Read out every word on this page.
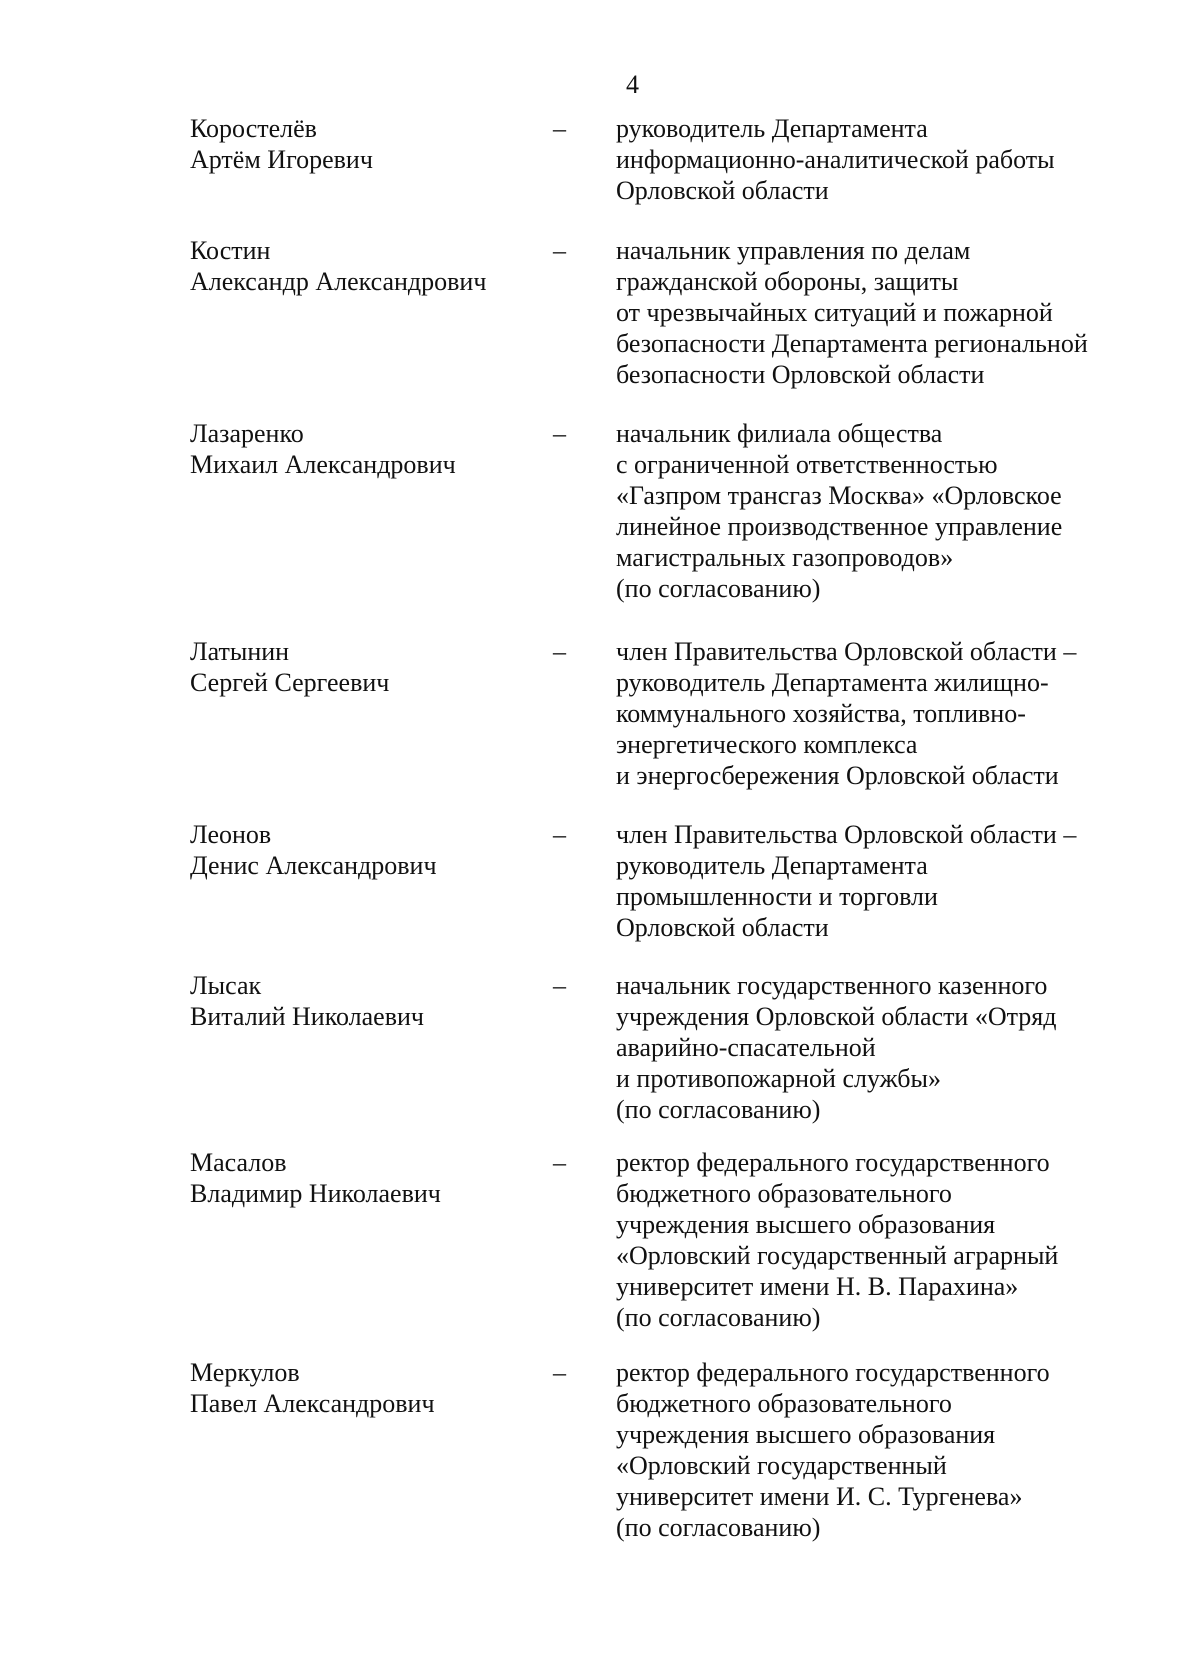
4
Коростелёв
Артём Игоревич
– руководитель Департамента
информационно-аналитической работы
Орловской области
Костин
Александр Александрович
– начальник управления по делам
гражданской обороны, защиты
от чрезвычайных ситуаций и пожарной
безопасности Департамента региональной
безопасности Орловской области
Лазаренко
Михаил Александрович
– начальник филиала общества
с ограниченной ответственностью
«Газпром трансгаз Москва» «Орловское
линейное производственное управление
магистральных газопроводов»
(по согласованию)
Латынин
Сергей Сергеевич
– член Правительства Орловской области –
руководитель Департамента жилищно-
коммунального хозяйства, топливно-
энергетического комплекса
и энергосбережения Орловской области
Леонов
Денис Александрович
– член Правительства Орловской области –
руководитель Департамента
промышленности и торговли
Орловской области
Лысак
Виталий Николаевич
– начальник государственного казенного
учреждения Орловской области «Отряд
аварийно-спасательной
и противопожарной службы»
(по согласованию)
Масалов
Владимир Николаевич
– ректор федерального государственного
бюджетного образовательного
учреждения высшего образования
«Орловский государственный аграрный
университет имени Н. В. Парахина»
(по согласованию)
Меркулов
Павел Александрович
– ректор федерального государственного
бюджетного образовательного
учреждения высшего образования
«Орловский государственный
университет имени И. С. Тургенева»
(по согласованию)
